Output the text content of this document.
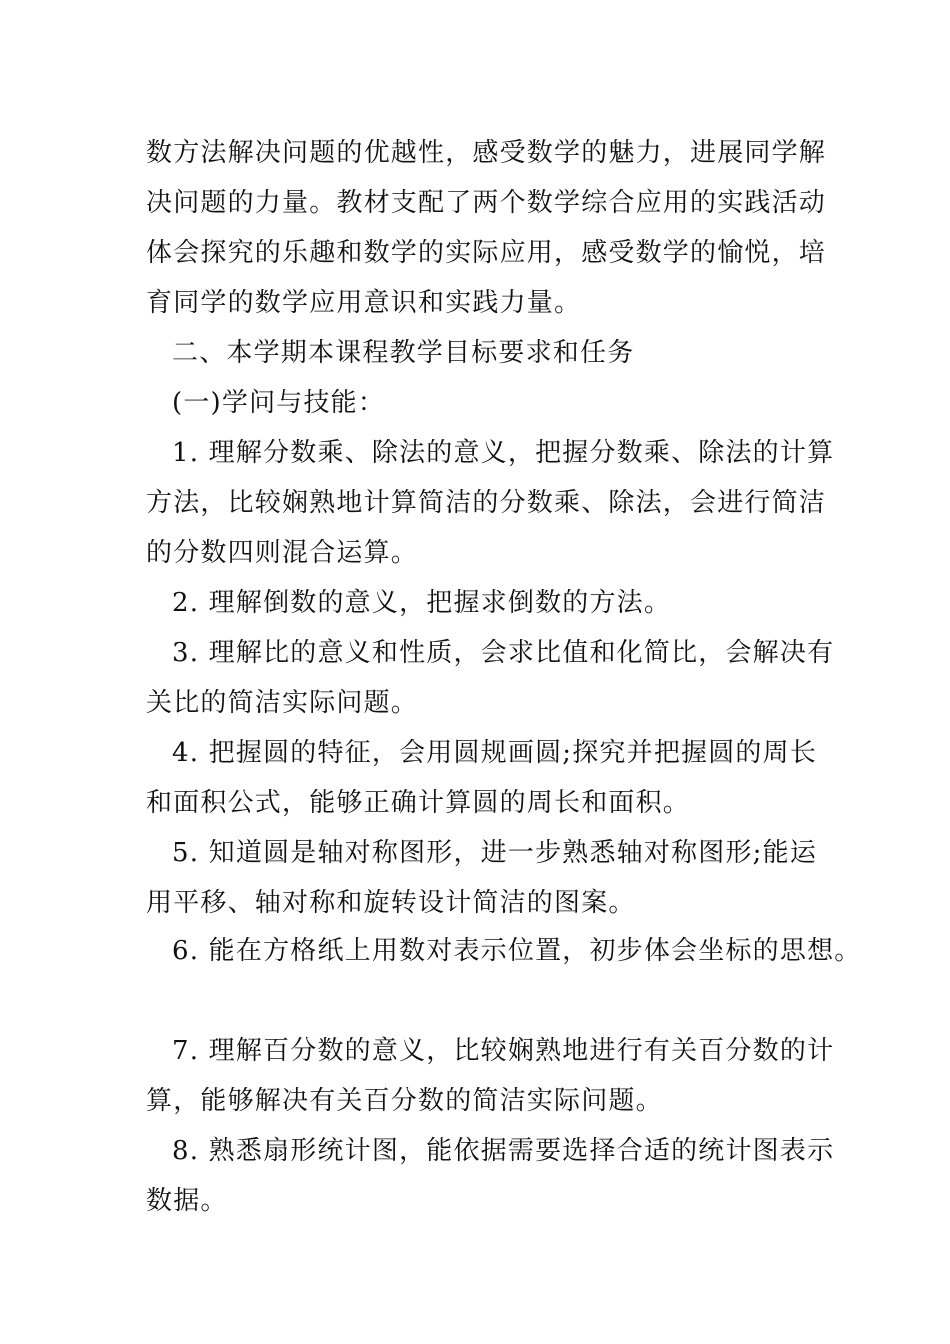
数方法解决问题的优越性，感受数学的魅力，进展同学解
决问题的力量。教材支配了两个数学综合应用的实践活动
体会探究的乐趣和数学的实际应用，感受数学的愉悦，培
育同学的数学应用意识和实践力量。
二、本学期本课程教学目标要求和任务
(一)学问与技能：
1. 理解分数乘、除法的意义，把握分数乘、除法的计算
方法，比较娴熟地计算简洁的分数乘、除法，会进行简洁
的分数四则混合运算。
2. 理解倒数的意义，把握求倒数的方法。
3. 理解比的意义和性质，会求比值和化简比，会解决有
关比的简洁实际问题。
4. 把握圆的特征，会用圆规画圆;探究并把握圆的周长
和面积公式，能够正确计算圆的周长和面积。
5. 知道圆是轴对称图形，进一步熟悉轴对称图形;能运
用平移、轴对称和旋转设计简洁的图案。
6. 能在方格纸上用数对表示位置，初步体会坐标的思想。
7. 理解百分数的意义，比较娴熟地进行有关百分数的计
算，能够解决有关百分数的简洁实际问题。
8. 熟悉扇形统计图，能依据需要选择合适的统计图表示
数据。
